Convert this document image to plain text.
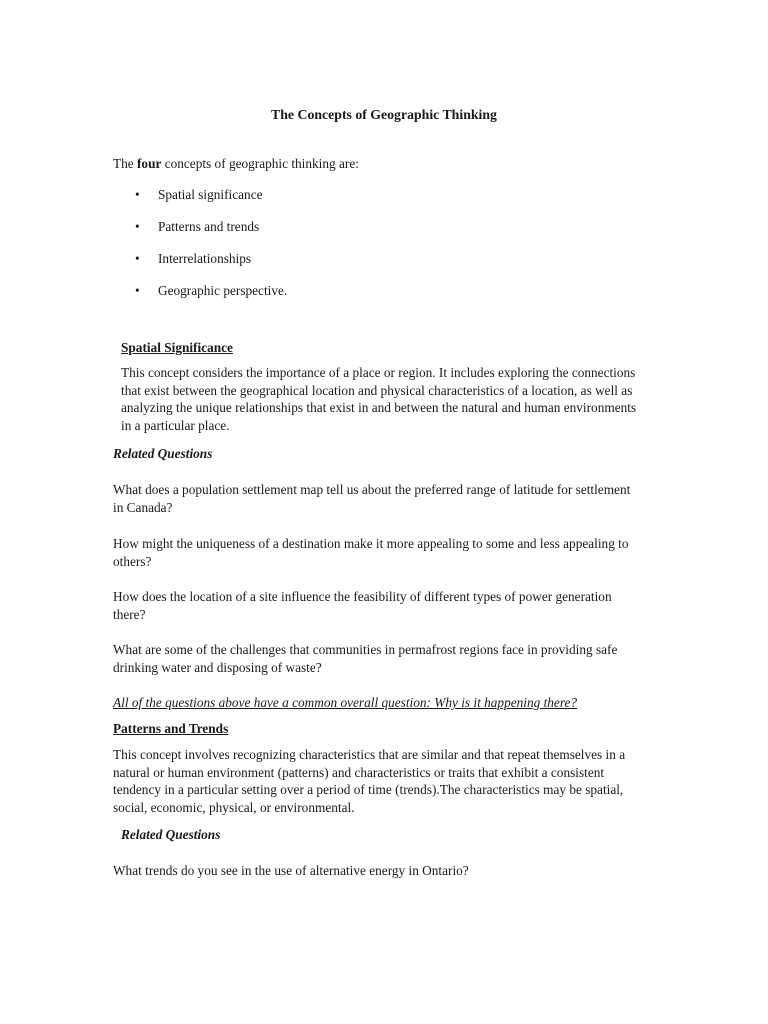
The Concepts of Geographic Thinking
The four concepts of geographic thinking are:
• Spatial significance
• Patterns and trends
• Interrelationships
• Geographic perspective.
Spatial Significance
This concept considers the importance of a place or region. It includes exploring the connections that exist between the geographical location and physical characteristics of a location, as well as analyzing the unique relationships that exist in and between the natural and human environments in a particular place.
Related Questions
What does a population settlement map tell us about the preferred range of latitude for settlement in Canada?
How might the uniqueness of a destination make it more appealing to some and less appealing to others?
How does the location of a site influence the feasibility of different types of power generation there?
What are some of the challenges that communities in permafrost regions face in providing safe drinking water and disposing of waste?
All of the questions above have a common overall question: Why is it happening there?
Patterns and Trends
This concept involves recognizing characteristics that are similar and that repeat themselves in a natural or human environment (patterns) and characteristics or traits that exhibit a consistent tendency in a particular setting over a period of time (trends).The characteristics may be spatial, social, economic, physical, or environmental.
Related Questions
What trends do you see in the use of alternative energy in Ontario?
